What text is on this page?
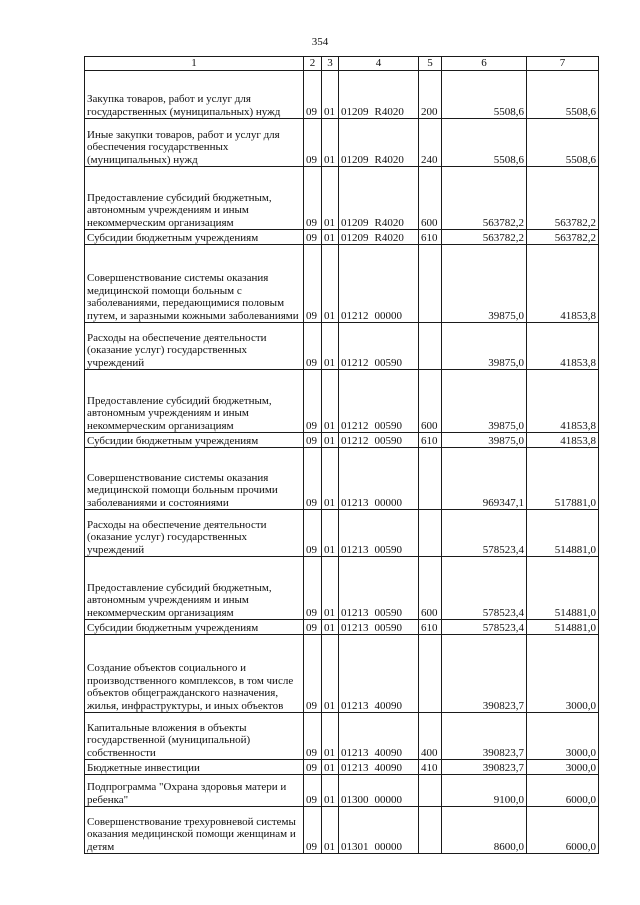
354
1	2	3	4	5	6	7
Закупка товаров, работ и услуг для государственных (муниципальных) нужд	09	01	01209 R4020	200	5508,6	5508,6
Иные закупки товаров, работ и услуг для обеспечения государственных (муниципальных) нужд	09	01	01209 R4020	240	5508,6	5508,6
Предоставление субсидий бюджетным, автономным учреждениям и иным некоммерческим организациям	09	01	01209 R4020	600	563782,2	563782,2
Субсидии бюджетным учреждениям	09	01	01209 R4020	610	563782,2	563782,2
Совершенствование системы оказания медицинской помощи больным с заболеваниями, передающимися половым путем, и заразными кожными заболеваниями	09	01	01212 00000		39875,0	41853,8
Расходы на обеспечение деятельности (оказание услуг) государственных учреждений	09	01	01212 00590		39875,0	41853,8
Предоставление субсидий бюджетным, автономным учреждениям и иным некоммерческим организациям	09	01	01212 00590	600	39875,0	41853,8
Субсидии бюджетным учреждениям	09	01	01212 00590	610	39875,0	41853,8
Совершенствование системы оказания медицинской помощи больным прочими заболеваниями и состояниями	09	01	01213 00000		969347,1	517881,0
Расходы на обеспечение деятельности (оказание услуг) государственных учреждений	09	01	01213 00590		578523,4	514881,0
Предоставление субсидий бюджетным, автономным учреждениям и иным некоммерческим организациям	09	01	01213 00590	600	578523,4	514881,0
Субсидии бюджетным учреждениям	09	01	01213 00590	610	578523,4	514881,0
Создание объектов социального и производственного комплексов, в том числе объектов общегражданского назначения, жилья, инфраструктуры, и иных объектов	09	01	01213 40090		390823,7	3000,0
Капитальные вложения в объекты государственной (муниципальной) собственности	09	01	01213 40090	400	390823,7	3000,0
Бюджетные инвестиции	09	01	01213 40090	410	390823,7	3000,0
Подпрограмма "Охрана здоровья матери и ребенка"	09	01	01300 00000		9100,0	6000,0
Совершенствование трехуровневой системы оказания медицинской помощи женщинам и детям	09	01	01301 00000		8600,0	6000,0
